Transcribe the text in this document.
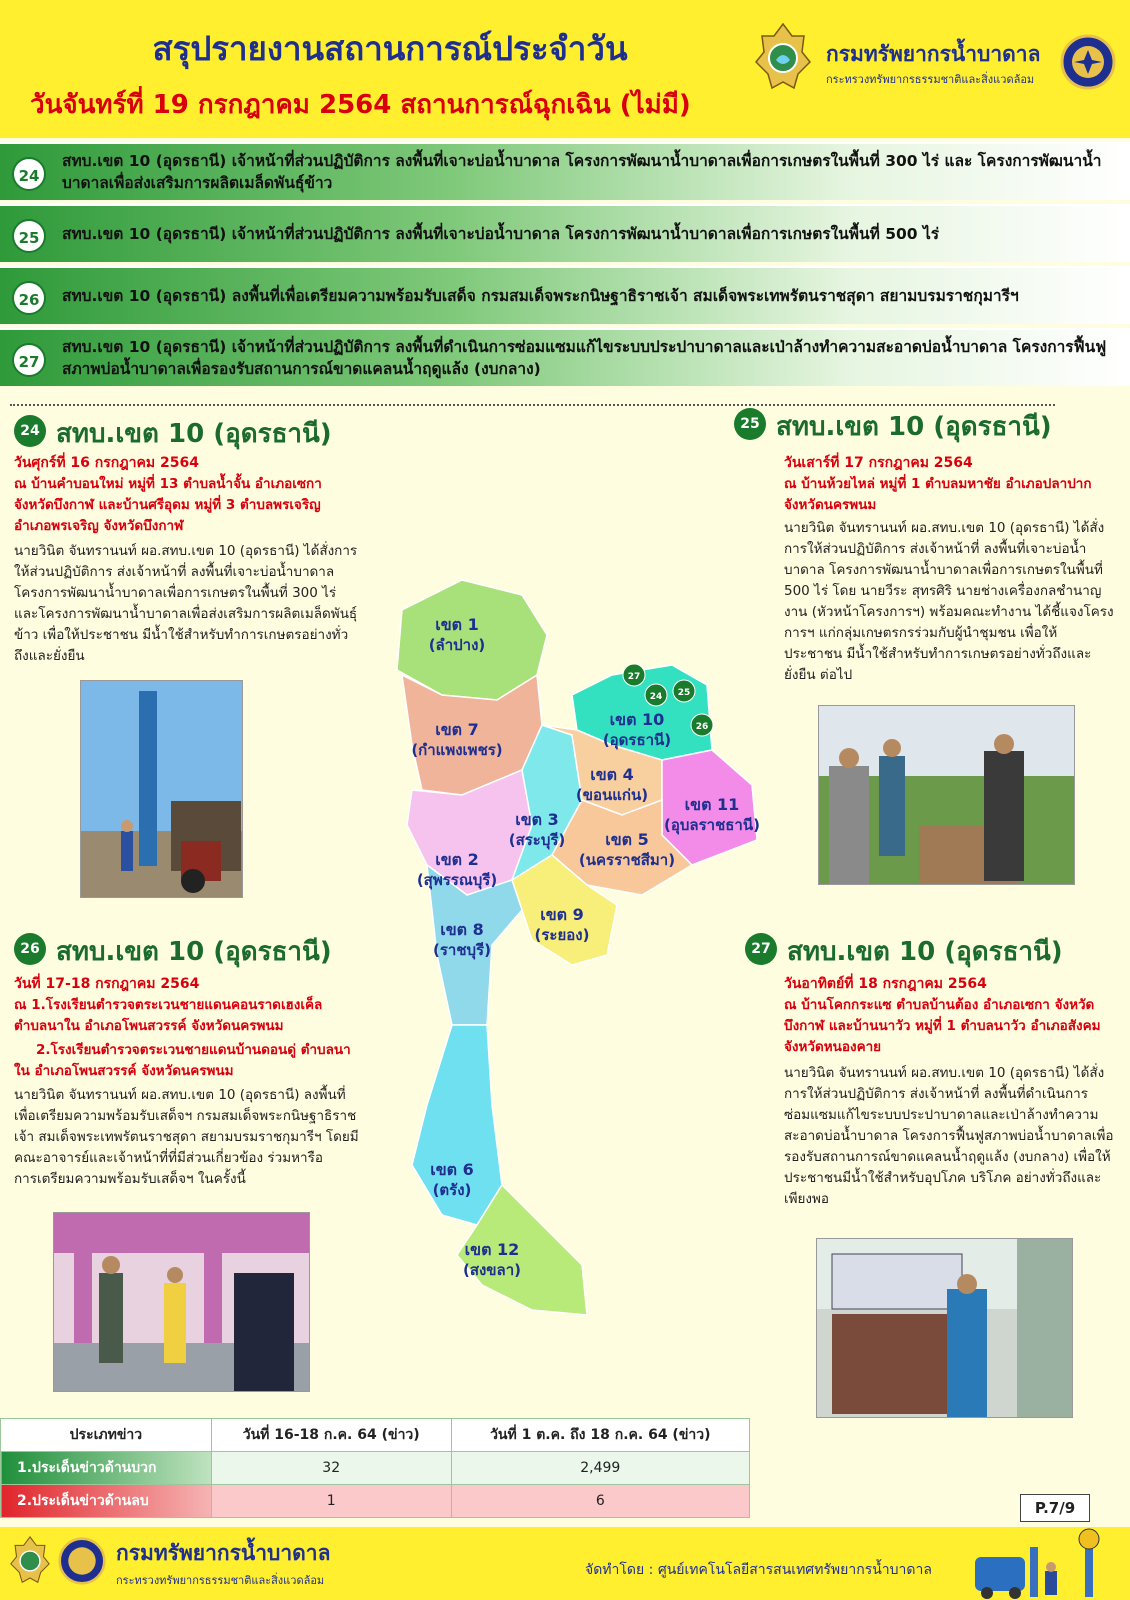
สรุปรายงานสถานการณ์ประจำวัน
วันจันทร์ที่ 19 กรกฎาคม 2564 สถานการณ์ฉุกเฉิน (ไม่มี)
กรมทรัพยากรน้ำบาดาล
กระทรวงทรัพยากรธรรมชาติและสิ่งแวดล้อม
24
สทบ.เขต 10 (อุดรธานี) เจ้าหน้าที่ส่วนปฏิบัติการ ลงพื้นที่เจาะบ่อน้ำบาดาล โครงการพัฒนาน้ำบาดาลเพื่อการเกษตรในพื้นที่ 300 ไร่ และ โครงการพัฒนาน้ำบาดาลเพื่อส่งเสริมการผลิตเมล็ดพันธุ์ข้าว
25	สทบ.เขต 10 (อุดรธานี) เจ้าหน้าที่ส่วนปฏิบัติการ ลงพื้นที่เจาะบ่อน้ำบาดาล โครงการพัฒนาน้ำบาดาลเพื่อการเกษตรในพื้นที่ 500 ไร่
26	สทบ.เขต 10 (อุดรธานี) ลงพื้นที่เพื่อเตรียมความพร้อมรับเสด็จ กรมสมเด็จพระกนิษฐาธิราชเจ้า สมเด็จพระเทพรัตนราชสุดา สยามบรมราชกุมารีฯ
27
สทบ.เขต 10 (อุดรธานี) เจ้าหน้าที่ส่วนปฏิบัติการ ลงพื้นที่ดำเนินการซ่อมแซมแก้ไขระบบประปาบาดาลและเป่าล้างทำความสะอาดบ่อน้ำบาดาล โครงการฟื้นฟูสภาพบ่อน้ำบาดาลเพื่อรองรับสถานการณ์ขาดแคลนน้ำฤดูแล้ง (งบกลาง)
24 สทบ.เขต 10 (อุดรธานี)
วันศุกร์ที่ 16 กรกฎาคม 2564
ณ บ้านคำบอนใหม่ หมู่ที่ 13 ตำบลน้ำจั้น อำเภอเซกา จังหวัดบึงกาฬ และบ้านศรีอุดม หมู่ที่ 3 ตำบลพรเจริญ อำเภอพรเจริญ จังหวัดบึงกาฬ
นายวินิต จันทรานนท์ ผอ.สทบ.เขต 10 (อุดรธานี) ได้สั่งการให้ส่วนปฏิบัติการ ส่งเจ้าหน้าที่ ลงพื้นที่เจาะบ่อน้ำบาดาล โครงการพัฒนาน้ำบาดาลเพื่อการเกษตรในพื้นที่ 300 ไร่ และโครงการพัฒนาน้ำบาดาลเพื่อส่งเสริมการผลิตเมล็ดพันธุ์ข้าว เพื่อให้ประชาชน มีน้ำใช้สำหรับทำการเกษตรอย่างทั่วถึงและยั่งยืน
25 สทบ.เขต 10 (อุดรธานี)
วันเสาร์ที่ 17 กรกฎาคม 2564
ณ บ้านห้วยไหล่ หมู่ที่ 1 ตำบลมหาชัย อำเภอปลาปาก จังหวัดนครพนม
นายวินิต จันทรานนท์ ผอ.สทบ.เขต 10 (อุดรธานี) ได้สั่งการให้ส่วนปฏิบัติการ ส่งเจ้าหน้าที่ ลงพื้นที่เจาะบ่อน้ำบาดาล โครงการพัฒนาน้ำบาดาลเพื่อการเกษตรในพื้นที่ 500 ไร่ โดย นายวีระ สุทรศิริ นายช่างเครื่องกลชำนาญงาน (หัวหน้าโครงการฯ) พร้อมคณะทำงาน ได้ชี้แจงโครงการฯ แก่กลุ่มเกษตรกรร่วมกับผู้นำชุมชน เพื่อให้ประชาชน มีน้ำใช้สำหรับทำการเกษตรอย่างทั่วถึงและยั่งยืน ต่อไป
26 สทบ.เขต 10 (อุดรธานี)
วันที่ 17-18 กรกฎาคม 2564
ณ 1.โรงเรียนตำรวจตระเวนชายแดนคอนราดเฮงเค็ล ตำบลนาใน อำเภอโพนสวรรค์ จังหวัดนครพนม
2.โรงเรียนตำรวจตระเวนชายแดนบ้านดอนดู่ ตำบลนาใน อำเภอโพนสวรรค์ จังหวัดนครพนม
นายวินิต จันทรานนท์ ผอ.สทบ.เขต 10 (อุดรธานี) ลงพื้นที่เพื่อเตรียมความพร้อมรับเสด็จฯ กรมสมเด็จพระกนิษฐาธิราชเจ้า สมเด็จพระเทพรัตนราชสุดา สยามบรมราชกุมารีฯ โดยมี คณะอาจารย์และเจ้าหน้าที่ที่มีส่วนเกี่ยวข้อง ร่วมหารือการเตรียมความพร้อมรับเสด็จฯ ในครั้งนี้
27 สทบ.เขต 10 (อุดรธานี)
วันอาทิตย์ที่ 18 กรกฎาคม 2564
ณ บ้านโคกกระแซ ตำบลบ้านต้อง อำเภอเซกา จังหวัดบึงกาฬ และบ้านนาวัว หมู่ที่ 1 ตำบลนาวัว อำเภอสังคม จังหวัดหนองคาย
นายวินิต จันทรานนท์ ผอ.สทบ.เขต 10 (อุดรธานี) ได้สั่งการให้ส่วนปฏิบัติการ ส่งเจ้าหน้าที่ ลงพื้นที่ดำเนินการซ่อมแซมแก้ไขระบบประปาบาดาลและเป่าล้างทำความสะอาดบ่อน้ำบาดาล โครงการฟื้นฟูสภาพบ่อน้ำบาดาลเพื่อรองรับสถานการณ์ขาดแคลนน้ำฤดูแล้ง (งบกลาง) เพื่อให้ประชาชนมีน้ำใช้สำหรับอุปโภค บริโภค อย่างทั่วถึงและเพียงพอ
เขต 1
(ลำปาง)
เขต 7
(กำแพงเพชร)
เขต 10
(อุดรธานี)
เขต 4
(ขอนแก่น) เขต 11
(อุบลราชธานี)
เขต 3
(สระบุรี) เขต 5
(นครราชสีมา)
เขต 2
(สุพรรณบุรี)
เขต 9
(ระยอง)
เขต 8
(ราชบุรี)
เขต 6
(ตรัง)
เขต 12
(สงขลา)
27
24 25
26
ประเภทข่าว	วันที่ 16-18 ก.ค. 64 (ข่าว)	วันที่ 1 ต.ค. ถึง 18 ก.ค. 64 (ข่าว)
1.ประเด็นข่าวด้านบวก	32	2,499
2.ประเด็นข่าวด้านลบ	1	6	P.7/9
กรมทรัพยากรน้ำบาดาล
กระทรวงทรัพยากรธรรมชาติและสิ่งแวดล้อม
จัดทำโดย : ศูนย์เทคโนโลยีสารสนเทศทรัพยากรน้ำบาดาล
